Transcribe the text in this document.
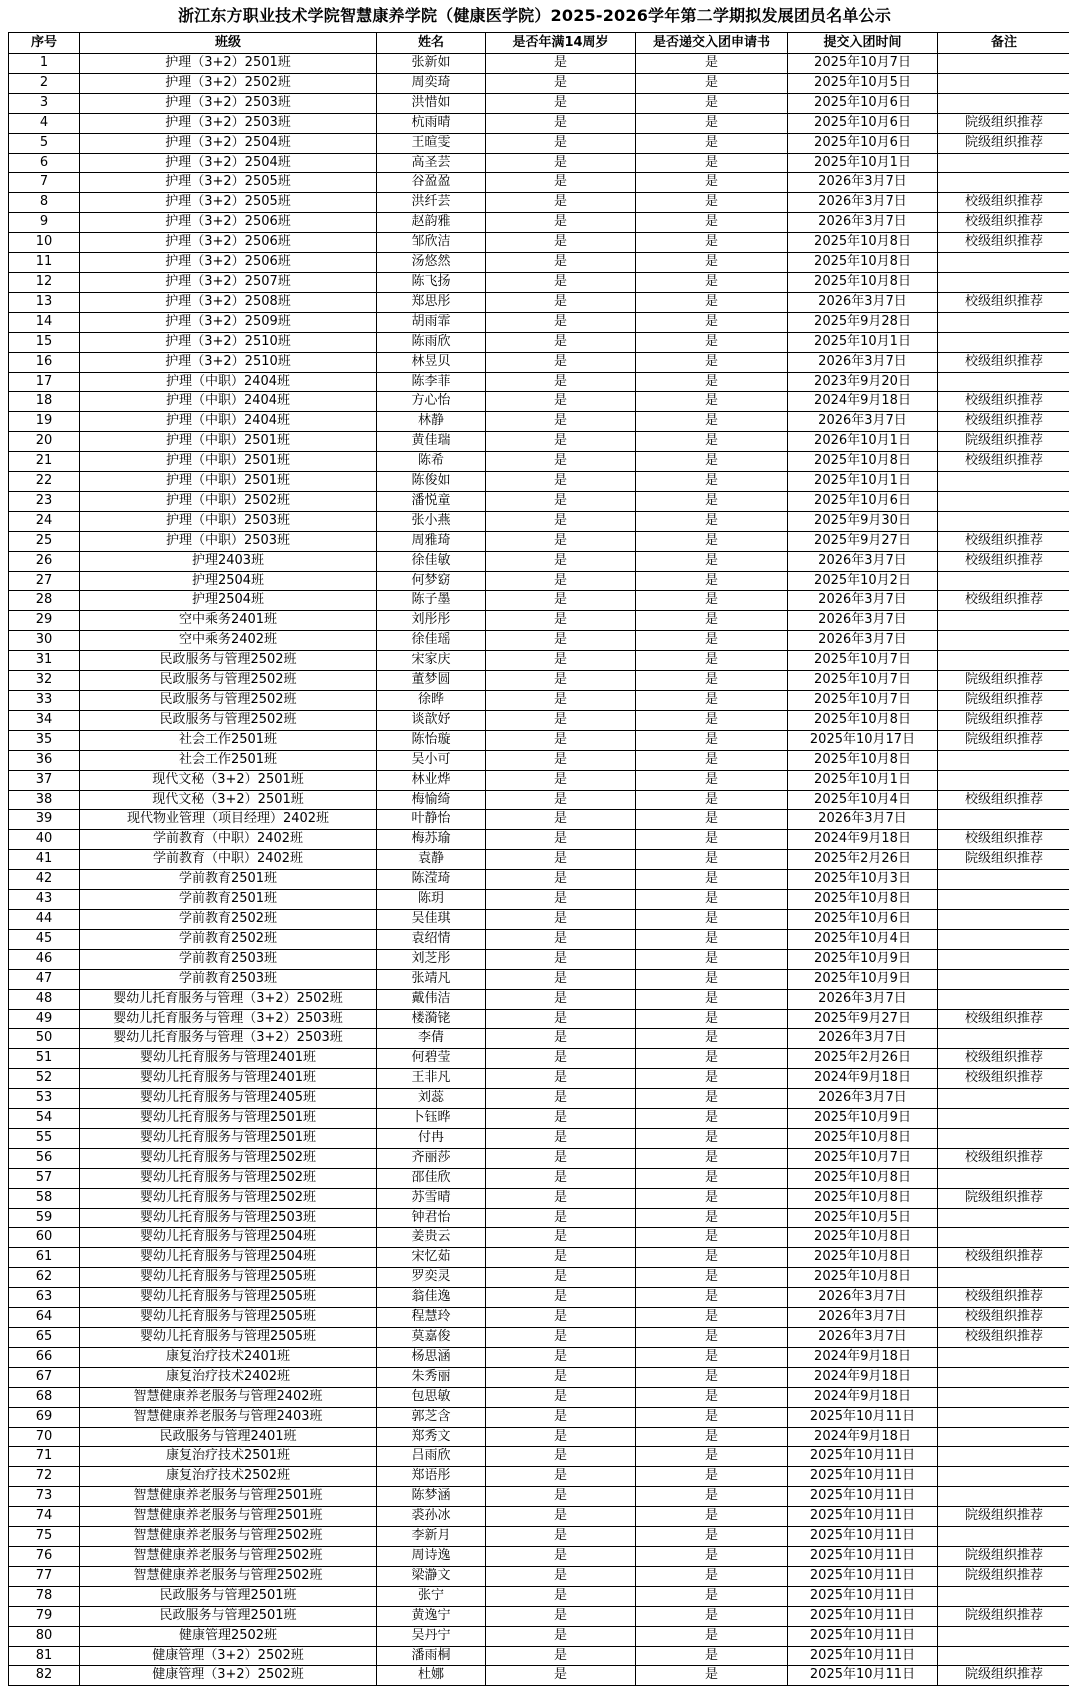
浙江东方职业技术学院智慧康养学院（健康医学院）2025-2026学年第二学期拟发展团员名单公示
序号	班级	姓名	是否年满14周岁	是否递交入团申请书	提交入团时间	备注
1	护理（3+2）2501班	张新如	是	是	2025年10月7日	
2	护理（3+2）2502班	周奕琦	是	是	2025年10月5日	
3	护理（3+2）2503班	洪惜如	是	是	2025年10月6日	
4	护理（3+2）2503班	杭雨晴	是	是	2025年10月6日	院级组织推荐
5	护理（3+2）2504班	王暄雯	是	是	2025年10月6日	院级组织推荐
6	护理（3+2）2504班	高圣芸	是	是	2025年10月1日	
7	护理（3+2）2505班	谷盈盈	是	是	2026年3月7日	
8	护理（3+2）2505班	洪纤芸	是	是	2026年3月7日	校级组织推荐
9	护理（3+2）2506班	赵韵雅	是	是	2026年3月7日	校级组织推荐
10	护理（3+2）2506班	邹欣洁	是	是	2025年10月8日	校级组织推荐
11	护理（3+2）2506班	汤悠然	是	是	2025年10月8日	
12	护理（3+2）2507班	陈飞扬	是	是	2025年10月8日	
13	护理（3+2）2508班	郑思彤	是	是	2026年3月7日	校级组织推荐
14	护理（3+2）2509班	胡雨霏	是	是	2025年9月28日	
15	护理（3+2）2510班	陈雨欣	是	是	2025年10月1日	
16	护理（3+2）2510班	林昱贝	是	是	2026年3月7日	校级组织推荐
17	护理（中职）2404班	陈李菲	是	是	2023年9月20日	
18	护理（中职）2404班	方心怡	是	是	2024年9月18日	校级组织推荐
19	护理（中职）2404班	林静	是	是	2026年3月7日	校级组织推荐
20	护理（中职）2501班	黄佳瑞	是	是	2026年10月1日	院级组织推荐
21	护理（中职）2501班	陈希	是	是	2025年10月8日	校级组织推荐
22	护理（中职）2501班	陈俊如	是	是	2025年10月1日	
23	护理（中职）2502班	潘悦童	是	是	2025年10月6日	
24	护理（中职）2503班	张小燕	是	是	2025年9月30日	
25	护理（中职）2503班	周雅琦	是	是	2025年9月27日	校级组织推荐
26	护理2403班	徐佳敏	是	是	2026年3月7日	校级组织推荐
27	护理2504班	何梦窈	是	是	2025年10月2日	
28	护理2504班	陈子墨	是	是	2026年3月7日	校级组织推荐
29	空中乘务2401班	刘彤彤	是	是	2026年3月7日	
30	空中乘务2402班	徐佳瑶	是	是	2026年3月7日	
31	民政服务与管理2502班	宋家庆	是	是	2025年10月7日	
32	民政服务与管理2502班	董梦圆	是	是	2025年10月7日	院级组织推荐
33	民政服务与管理2502班	徐晔	是	是	2025年10月7日	院级组织推荐
34	民政服务与管理2502班	谈歆妤	是	是	2025年10月8日	院级组织推荐
35	社会工作2501班	陈怡璇	是	是	2025年10月17日	院级组织推荐
36	社会工作2501班	吴小可	是	是	2025年10月8日	
37	现代文秘（3+2）2501班	林业烨	是	是	2025年10月1日	
38	现代文秘（3+2）2501班	梅愉绮	是	是	2025年10月4日	校级组织推荐
39	现代物业管理（项目经理）2402班	叶静怡	是	是	2026年3月7日	
40	学前教育（中职）2402班	梅苏瑜	是	是	2024年9月18日	校级组织推荐
41	学前教育（中职）2402班	袁静	是	是	2025年2月26日	院级组织推荐
42	学前教育2501班	陈滢琦	是	是	2025年10月3日	
43	学前教育2501班	陈玥	是	是	2025年10月8日	
44	学前教育2502班	吴佳琪	是	是	2025年10月6日	
45	学前教育2502班	袁绍情	是	是	2025年10月4日	
46	学前教育2503班	刘芝彤	是	是	2025年10月9日	
47	学前教育2503班	张靖凡	是	是	2025年10月9日	
48	婴幼儿托育服务与管理（3+2）2502班	戴伟洁	是	是	2026年3月7日	
49	婴幼儿托育服务与管理（3+2）2503班	楼漪铑	是	是	2025年9月27日	校级组织推荐
50	婴幼儿托育服务与管理（3+2）2503班	李倩	是	是	2026年3月7日	
51	婴幼儿托育服务与管理2401班	何碧莹	是	是	2025年2月26日	校级组织推荐
52	婴幼儿托育服务与管理2401班	王非凡	是	是	2024年9月18日	校级组织推荐
53	婴幼儿托育服务与管理2405班	刘蕊	是	是	2026年3月7日	
54	婴幼儿托育服务与管理2501班	卜钰晔	是	是	2025年10月9日	
55	婴幼儿托育服务与管理2501班	付冉	是	是	2025年10月8日	
56	婴幼儿托育服务与管理2502班	齐丽莎	是	是	2025年10月7日	校级组织推荐
57	婴幼儿托育服务与管理2502班	邵佳欣	是	是	2025年10月8日	
58	婴幼儿托育服务与管理2502班	苏雪晴	是	是	2025年10月8日	院级组织推荐
59	婴幼儿托育服务与管理2503班	钟君怡	是	是	2025年10月5日	
60	婴幼儿托育服务与管理2504班	姜贵云	是	是	2025年10月8日	
61	婴幼儿托育服务与管理2504班	宋忆茹	是	是	2025年10月8日	校级组织推荐
62	婴幼儿托育服务与管理2505班	罗奕灵	是	是	2025年10月8日	
63	婴幼儿托育服务与管理2505班	翁佳逸	是	是	2026年3月7日	校级组织推荐
64	婴幼儿托育服务与管理2505班	程慧玲	是	是	2026年3月7日	校级组织推荐
65	婴幼儿托育服务与管理2505班	莫嘉俊	是	是	2026年3月7日	校级组织推荐
66	康复治疗技术2401班	杨思涵	是	是	2024年9月18日	
67	康复治疗技术2402班	朱秀丽	是	是	2024年9月18日	
68	智慧健康养老服务与管理2402班	包思敏	是	是	2024年9月18日	
69	智慧健康养老服务与管理2403班	郭芝含	是	是	2025年10月11日	
70	民政服务与管理2401班	郑秀文	是	是	2024年9月18日	
71	康复治疗技术2501班	吕雨欣	是	是	2025年10月11日	
72	康复治疗技术2502班	郑语彤	是	是	2025年10月11日	
73	智慧健康养老服务与管理2501班	陈梦涵	是	是	2025年10月11日	
74	智慧健康养老服务与管理2501班	裘孙冰	是	是	2025年10月11日	院级组织推荐
75	智慧健康养老服务与管理2502班	李新月	是	是	2025年10月11日	
76	智慧健康养老服务与管理2502班	周诗逸	是	是	2025年10月11日	院级组织推荐
77	智慧健康养老服务与管理2502班	梁瀞文	是	是	2025年10月11日	院级组织推荐
78	民政服务与管理2501班	张宁	是	是	2025年10月11日	
79	民政服务与管理2501班	黄逸宁	是	是	2025年10月11日	院级组织推荐
80	健康管理2502班	吴丹宁	是	是	2025年10月11日	
81	健康管理（3+2）2502班	潘雨桐	是	是	2025年10月11日	
82	健康管理（3+2）2502班	杜娜	是	是	2025年10月11日	院级组织推荐
